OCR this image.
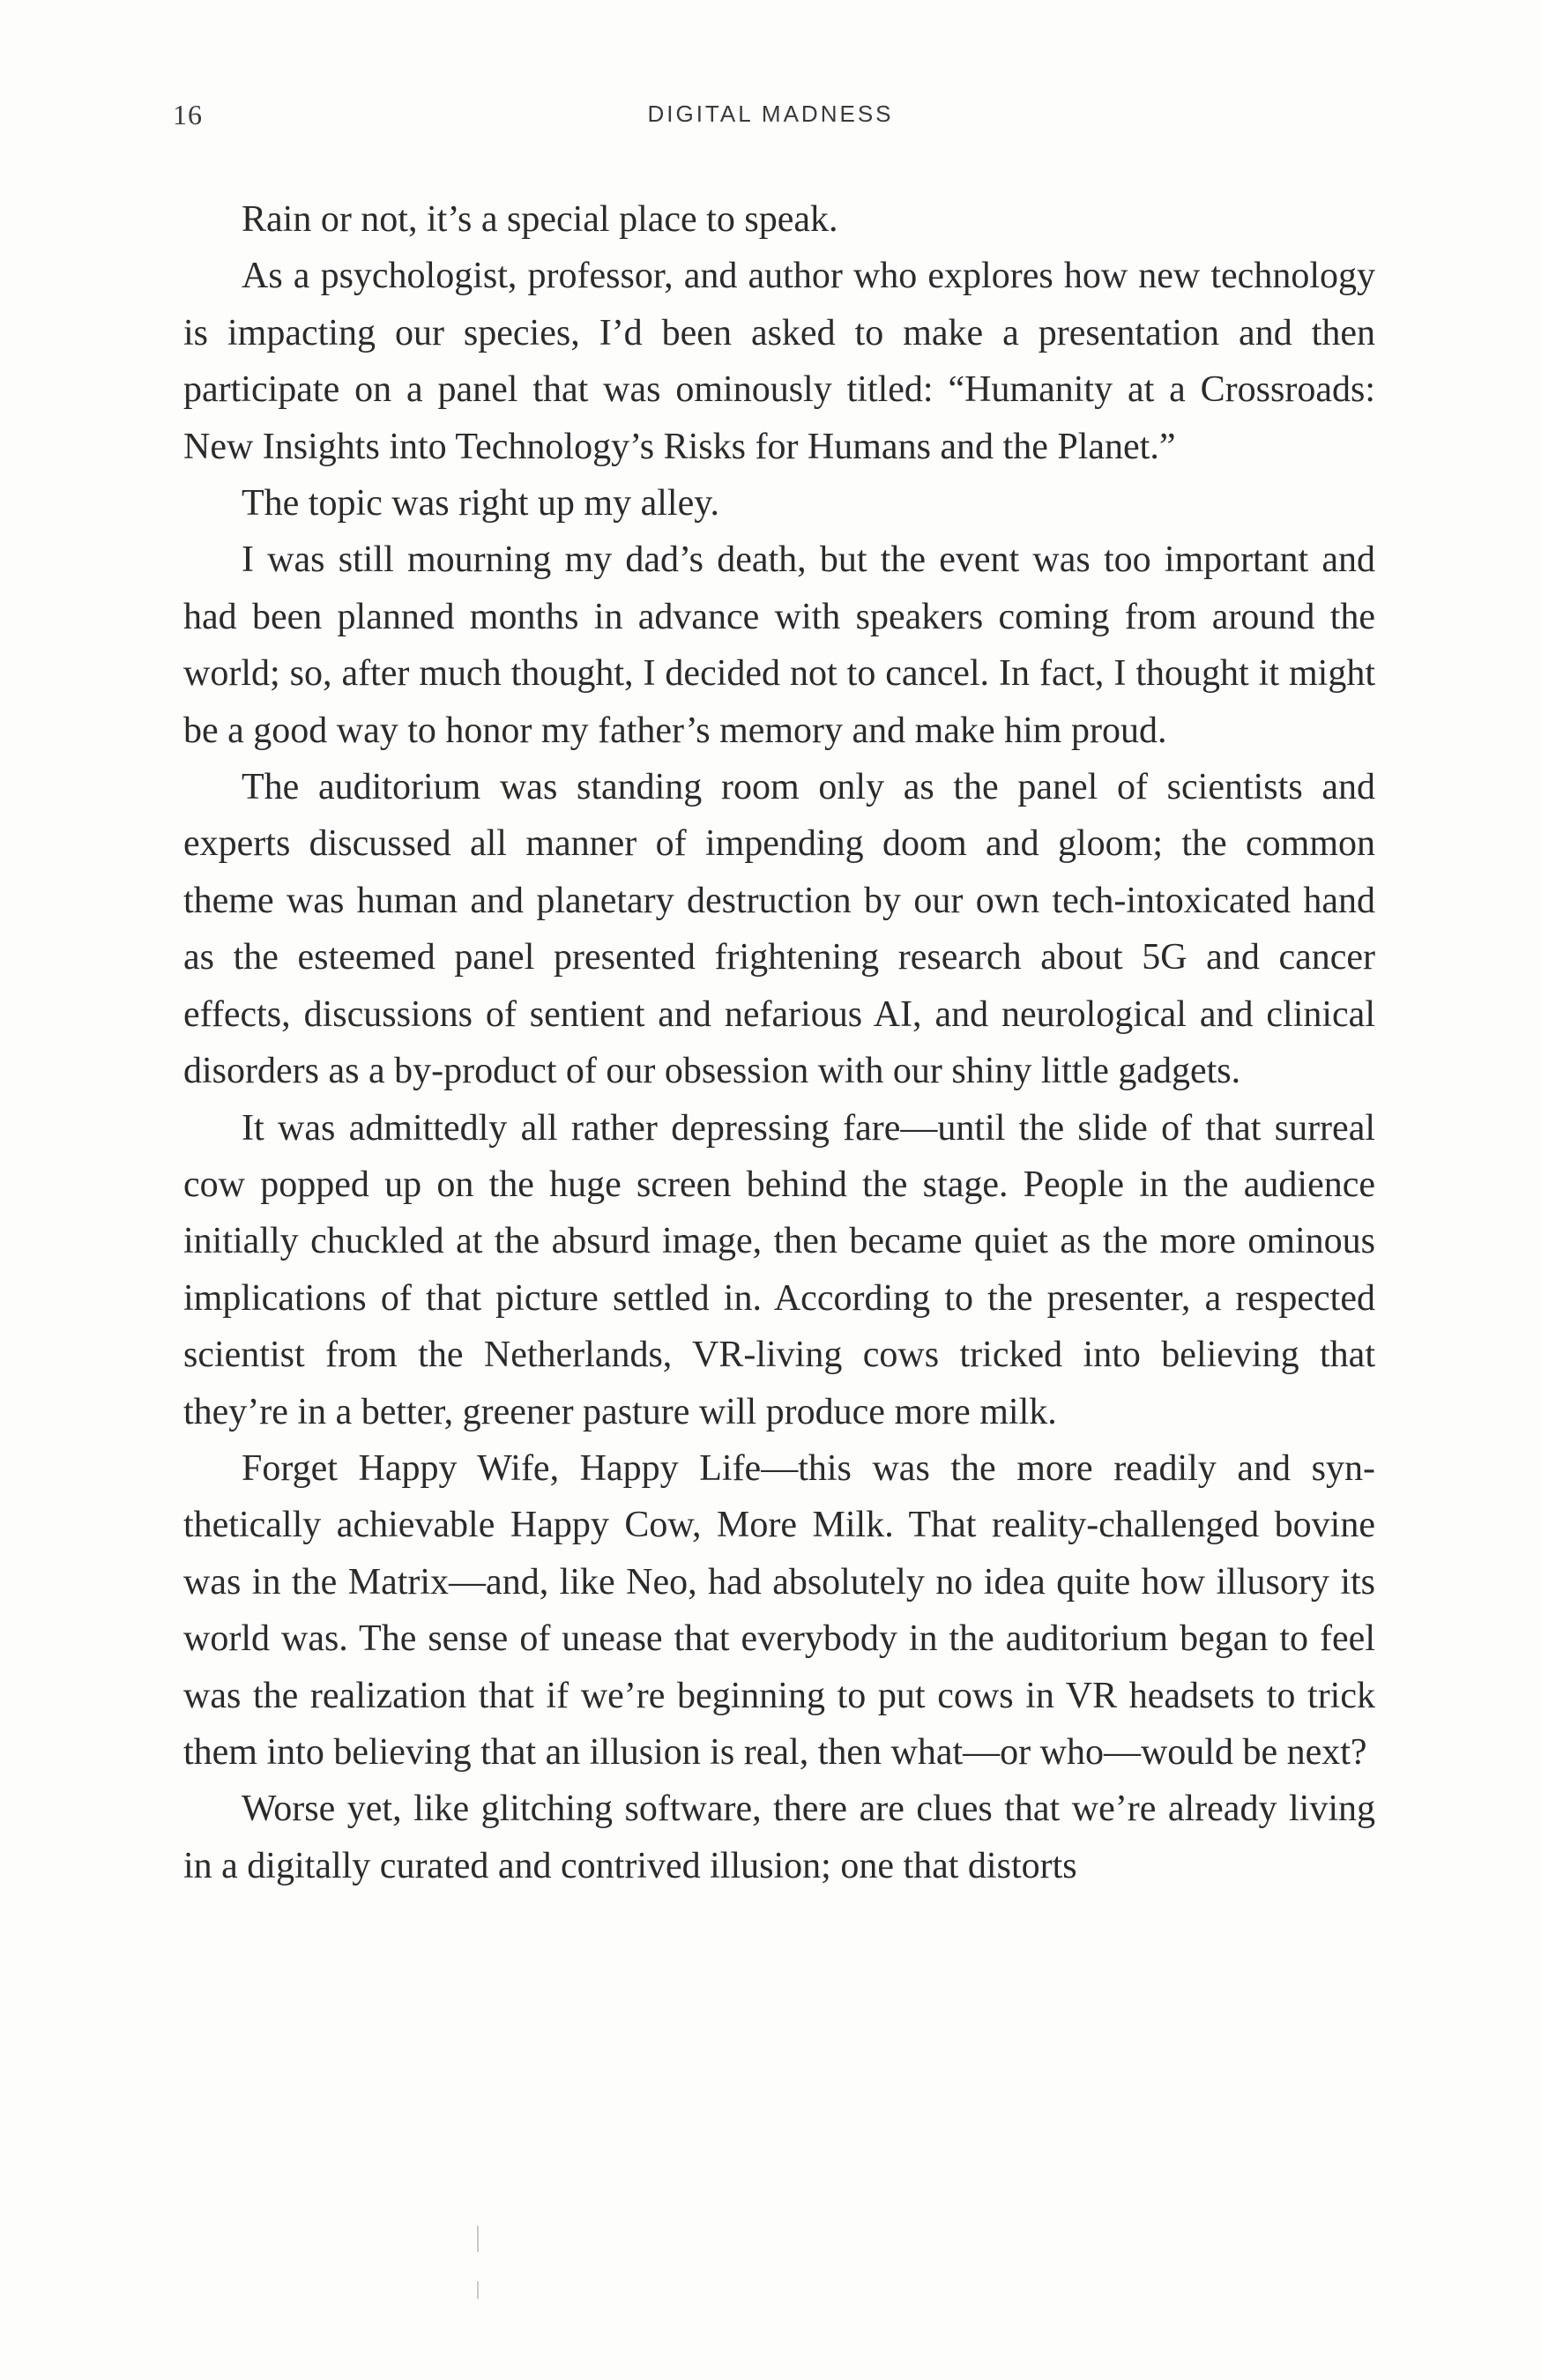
16	DIGITAL MADNESS

Rain or not, it’s a special place to speak.

As a psychologist, professor, and author who explores how new technology is impacting our species, I’d been asked to make a presentation and then participate on a panel that was ominously titled: “Humanity at a Crossroads: New Insights into Technology’s Risks for Humans and the Planet.”

The topic was right up my alley.

I was still mourning my dad’s death, but the event was too important and had been planned months in advance with speakers coming from around the world; so, after much thought, I decided not to cancel. In fact, I thought it might be a good way to honor my father’s memory and make him proud.

The auditorium was standing room only as the panel of scientists and experts discussed all manner of impending doom and gloom; the common theme was human and planetary destruction by our own tech-intoxicated hand as the esteemed panel presented frightening research about 5G and cancer effects, discussions of sentient and nefarious AI, and neurological and clinical disorders as a by-product of our obsession with our shiny little gadgets.

It was admittedly all rather depressing fare—until the slide of that surreal cow popped up on the huge screen behind the stage. People in the audience initially chuckled at the absurd image, then became quiet as the more ominous implications of that picture settled in. According to the presenter, a respected scientist from the Netherlands, VR-living cows tricked into believing that they’re in a better, greener pasture will produce more milk.

Forget Happy Wife, Happy Life—this was the more readily and synthetically achievable Happy Cow, More Milk. That reality-challenged bovine was in the Matrix—and, like Neo, had absolutely no idea quite how illusory its world was. The sense of unease that everybody in the auditorium began to feel was the realization that if we’re beginning to put cows in VR headsets to trick them into believing that an illusion is real, then what—or who—would be next?

Worse yet, like glitching software, there are clues that we’re already living in a digitally curated and contrived illusion; one that distorts
